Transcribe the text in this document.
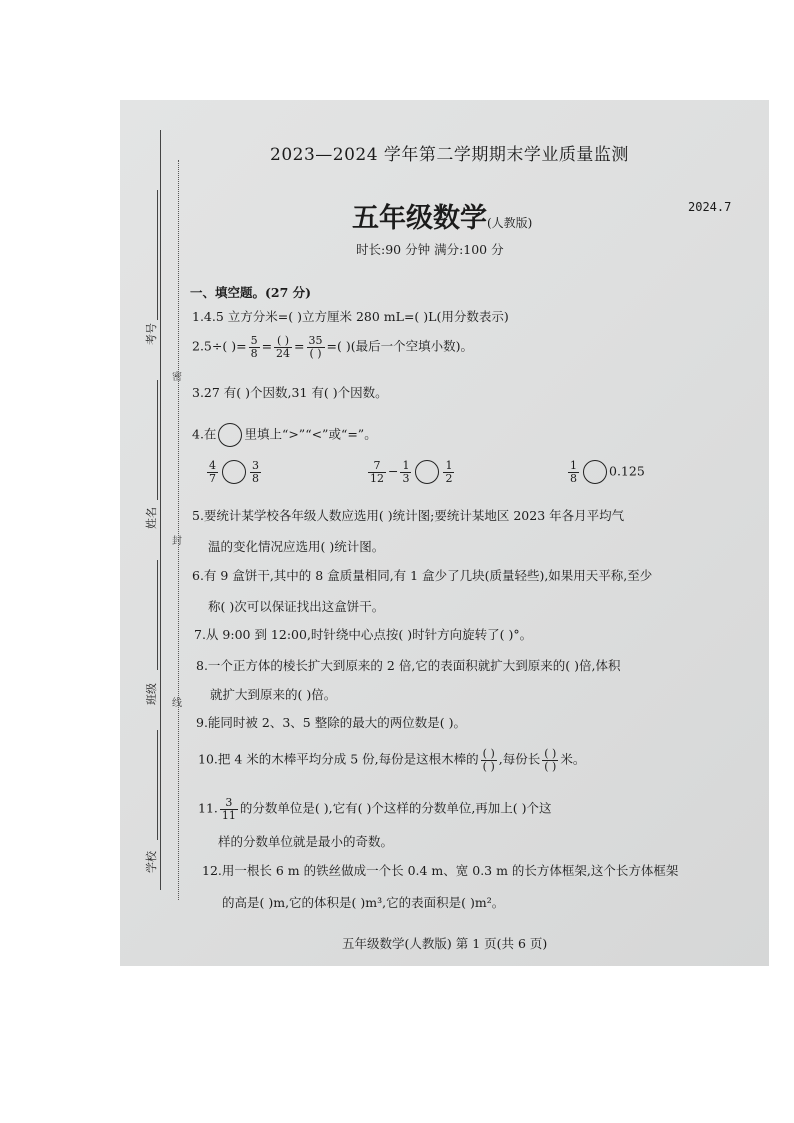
考号
姓名
班级
学校
密
封
线
2023—2024 学年第二学期期末学业质量监测
五年级数学(人教版)
2024.7
时长:90 分钟 满分:100 分
一、填空题。(27 分)
1.4.5 立方分米=( )立方厘米 280 mL=( )L(用分数表示)
2.5÷( )= $\frac{5}{8} = \frac{( )}{24} = \frac{35}{( )}$ =( )(最后一个空填小数)。
3.27 有( )个因数,31 有( )个因数。
4.在 里填上“>”“<”或“=”。
$\frac{4}{7}$	$\frac{3}{8}$	$\frac{7}{12} - \frac{1}{3}$	$\frac{1}{2}$	$\frac{1}{8} 0.125$
5.要统计某学校各年级人数应选用( )统计图;要统计某地区 2023 年各月平均气
温的变化情况应选用( )统计图。
6.有 9 盒饼干,其中的 8 盒质量相同,有 1 盒少了几块(质量轻些),如果用天平称,至少
称( )次可以保证找出这盒饼干。
7.从 9:00 到 12:00,时针绕中心点按( )时针方向旋转了( )°。
8.一个正方体的棱长扩大到原来的 2 倍,它的表面积就扩大到原来的( )倍,体积
就扩大到原来的( )倍。
9.能同时被 2、3、5 整除的最大的两位数是( )。
10.把 4 米的木棒平均分成 5 份,每份是这根木棒的 $\frac{( )}{( )}$ ,每份长 $\frac{( )}{( )}$ 米。
11. $\frac{3}{11}$ 的分数单位是( ),它有( )个这样的分数单位,再加上( )个这
样的分数单位就是最小的奇数。
12.用一根长 6 m 的铁丝做成一个长 0.4 m、宽 0.3 m 的长方体框架,这个长方体框架
的高是( )m,它的体积是( )m³,它的表面积是( )m²。
五年级数学(人教版) 第 1 页(共 6 页)
